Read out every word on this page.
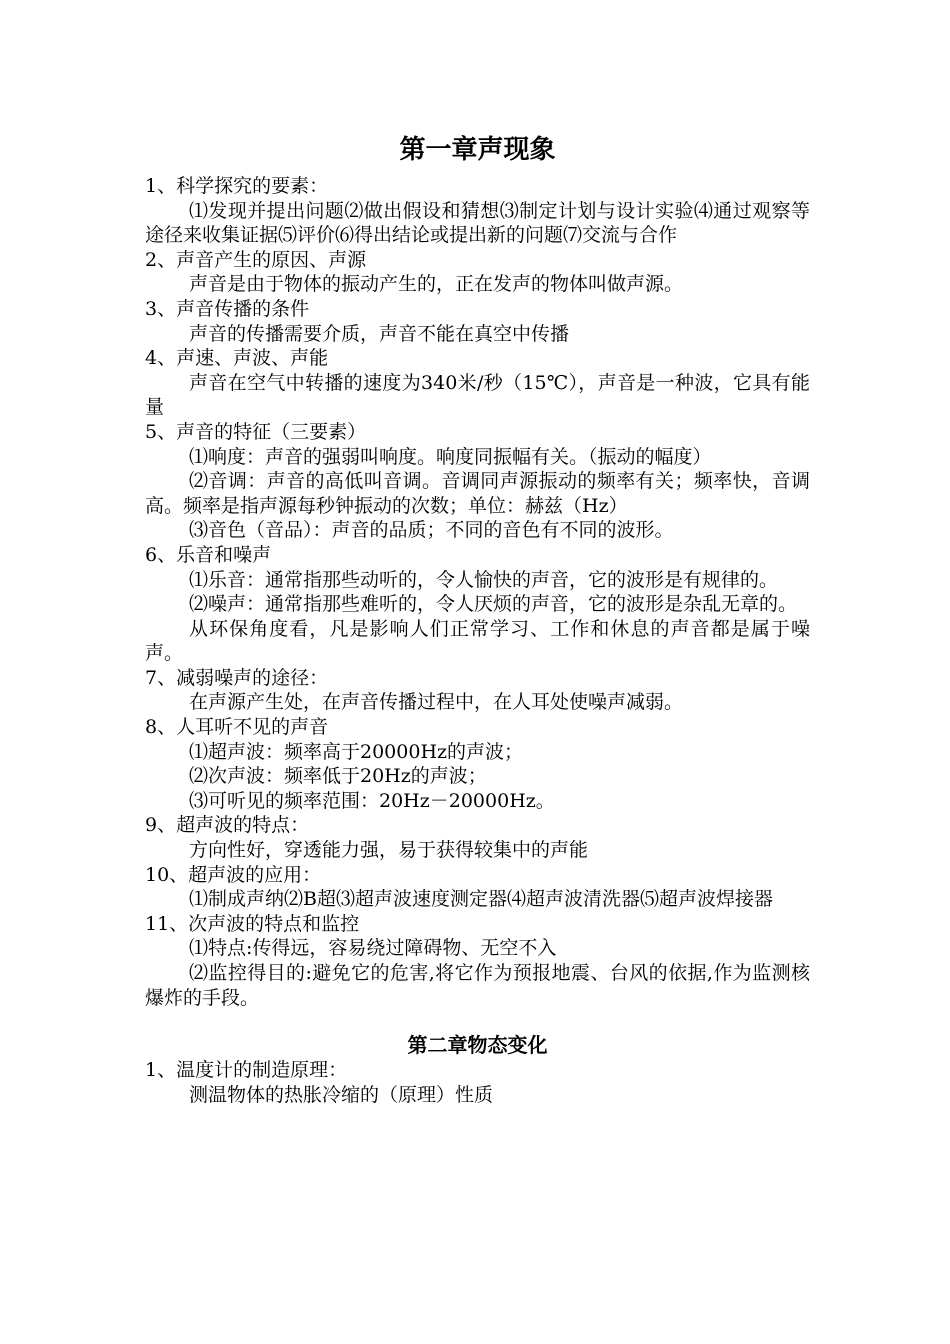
第一章声现象

1、科学探究的要素：

⑴发现并提出问题⑵做出假设和猜想⑶制定计划与设计实验⑷通过观察等途径来收集证据⑸评价⑹得出结论或提出新的问题⑺交流与合作

2、声音产生的原因、声源

声音是由于物体的振动产生的，正在发声的物体叫做声源。

3、声音传播的条件

声音的传播需要介质，声音不能在真空中传播

4、声速、声波、声能

声音在空气中转播的速度为340米/秒（15℃），声音是一种波，它具有能量

5、声音的特征（三要素）

⑴响度：声音的强弱叫响度。响度同振幅有关。（振动的幅度）

⑵音调：声音的高低叫音调。音调同声源振动的频率有关；频率快，音调高。频率是指声源每秒钟振动的次数；单位：赫兹（Hz）

⑶音色（音品）：声音的品质；不同的音色有不同的波形。

6、乐音和噪声

⑴乐音：通常指那些动听的，令人愉快的声音，它的波形是有规律的。

⑵噪声：通常指那些难听的，令人厌烦的声音，它的波形是杂乱无章的。

从环保角度看，凡是影响人们正常学习、工作和休息的声音都是属于噪声。

7、减弱噪声的途径：

在声源产生处，在声音传播过程中，在人耳处使噪声减弱。

8、人耳听不见的声音

⑴超声波：频率高于20000Hz的声波；

⑵次声波：频率低于20Hz的声波；

⑶可听见的频率范围：20Hz－20000Hz。

9、超声波的特点：

方向性好，穿透能力强，易于获得较集中的声能

10、超声波的应用：

⑴制成声纳⑵B超⑶超声波速度测定器⑷超声波清洗器⑸超声波焊接器

11、次声波的特点和监控

⑴特点:传得远，容易绕过障碍物、无空不入

⑵监控得目的:避免它的危害,将它作为预报地震、台风的依据,作为监测核爆炸的手段。

第二章物态变化

1、温度计的制造原理：

测温物体的热胀冷缩的（原理）性质
